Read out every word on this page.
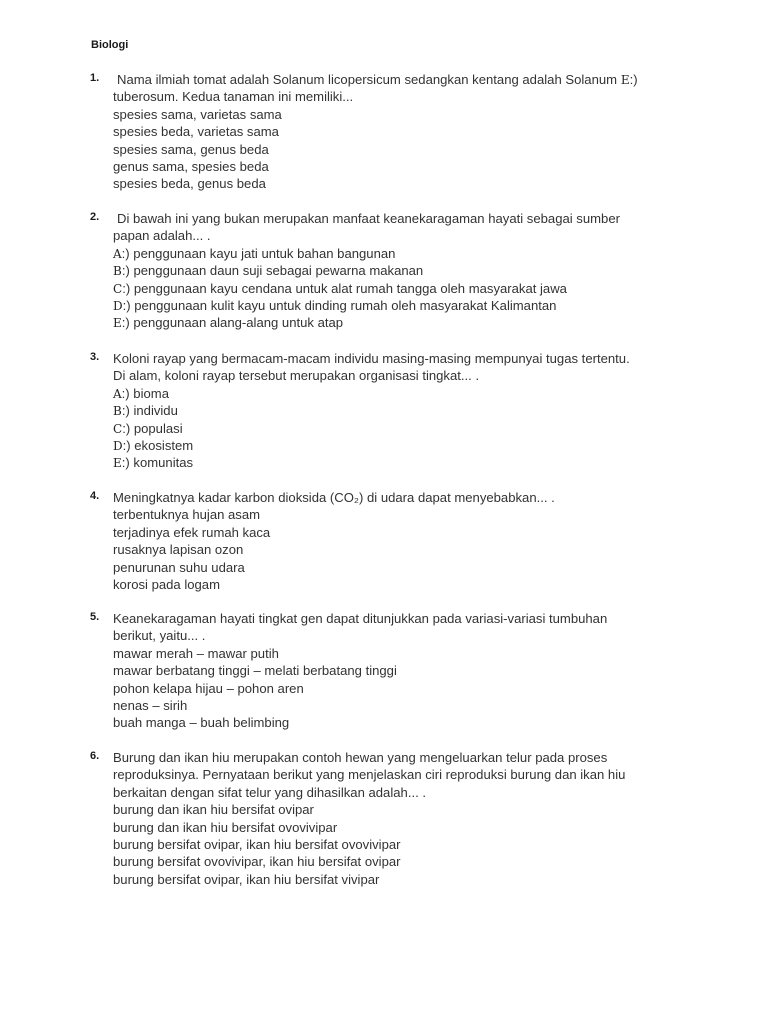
Biologi
1.	Nama ilmiah tomat adalah Solanum licopersicum sedangkan kentang adalah Solanum E:)
tuberosum. Kedua tanaman ini memiliki...
spesies sama, varietas sama
spesies beda, varietas sama
spesies sama, genus beda
genus sama, spesies beda
spesies beda, genus beda
2.	Di bawah ini yang bukan merupakan manfaat keanekaragaman hayati sebagai sumber
papan adalah... .
A:) penggunaan kayu jati untuk bahan bangunan
B:) penggunaan daun suji sebagai pewarna makanan
C:) penggunaan kayu cendana untuk alat rumah tangga oleh masyarakat jawa
D:) penggunaan kulit kayu untuk dinding rumah oleh masyarakat Kalimantan
E:) penggunaan alang-alang untuk atap
3. Koloni rayap yang bermacam-macam individu masing-masing mempunyai tugas tertentu.
Di alam, koloni rayap tersebut merupakan organisasi tingkat... .
A:) bioma
B:) individu
C:) populasi
D:) ekosistem
E:) komunitas
4. Meningkatnya kadar karbon dioksida (CO₂) di udara dapat menyebabkan... .
terbentuknya hujan asam
terjadinya efek rumah kaca
rusaknya lapisan ozon
penurunan suhu udara
korosi pada logam
5. Keanekaragaman hayati tingkat gen dapat ditunjukkan pada variasi-variasi tumbuhan
berikut, yaitu... .
mawar merah – mawar putih
mawar berbatang tinggi – melati berbatang tinggi
pohon kelapa hijau – pohon aren
nenas – sirih
buah manga – buah belimbing
6. Burung dan ikan hiu merupakan contoh hewan yang mengeluarkan telur pada proses
reproduksinya. Pernyataan berikut yang menjelaskan ciri reproduksi burung dan ikan hiu
berkaitan dengan sifat telur yang dihasilkan adalah... .
burung dan ikan hiu bersifat ovipar
burung dan ikan hiu bersifat ovovivipar
burung bersifat ovipar, ikan hiu bersifat ovovivipar
burung bersifat ovovivipar, ikan hiu bersifat ovipar
burung bersifat ovipar, ikan hiu bersifat vivipar
